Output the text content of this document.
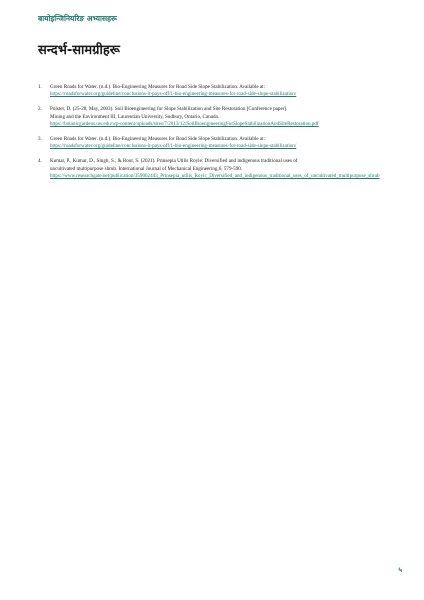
बायोइन्जिनियरिङ अभ्यासहरू
सन्दर्भ-सामग्रीहरू
1.	Green Roads for Water. (n.d.). Bio-Engineering Measures for Road Side Slope Stabilization. Available at:
https://roadsforwater.org/guideline/conclusions-it-pays-off/1-bio-engineering-measures-for-road-side-slope-stabilization/
2.	Polster, D. (25-28, May, 2003). Soil Bioengineering for Slope Stabilization and Site Restoration [Conference paper].
Mining and the Environment III, Laurentian University, Sudbury, Ontario, Canada.
https://botanicgardens.uw.edu/wp-content/uploads/sites/7/2013/12/SoilBioengineeringForSlopeStabilizationAndSiteRestoration.pdf
3.	Green Roads for Water. (n.d.). Bio-Engineering Measures for Road Side Slope Stabilization. Available at:
https://roadsforwater.org/guideline/conclusions-it-pays-off/1-bio-engineering-measures-for-road-side-slope-stabilization/
4.	Kumar, P., Kumar, D., Singh, S., & Rout, S. (2021). Prinsepia Utilis Royle: Diversified and indigenous traditional uses of
uncultivated multipurpose shrub. International Journal of Mechanical Engineering,6, 579-590.
https://www.researchgate.net/publication/359002443_Prinsepia_utilis_Roylc_Diversified_and_indigenous_traditional_uses_of_uncultivated_multipurpose_shrub
५
